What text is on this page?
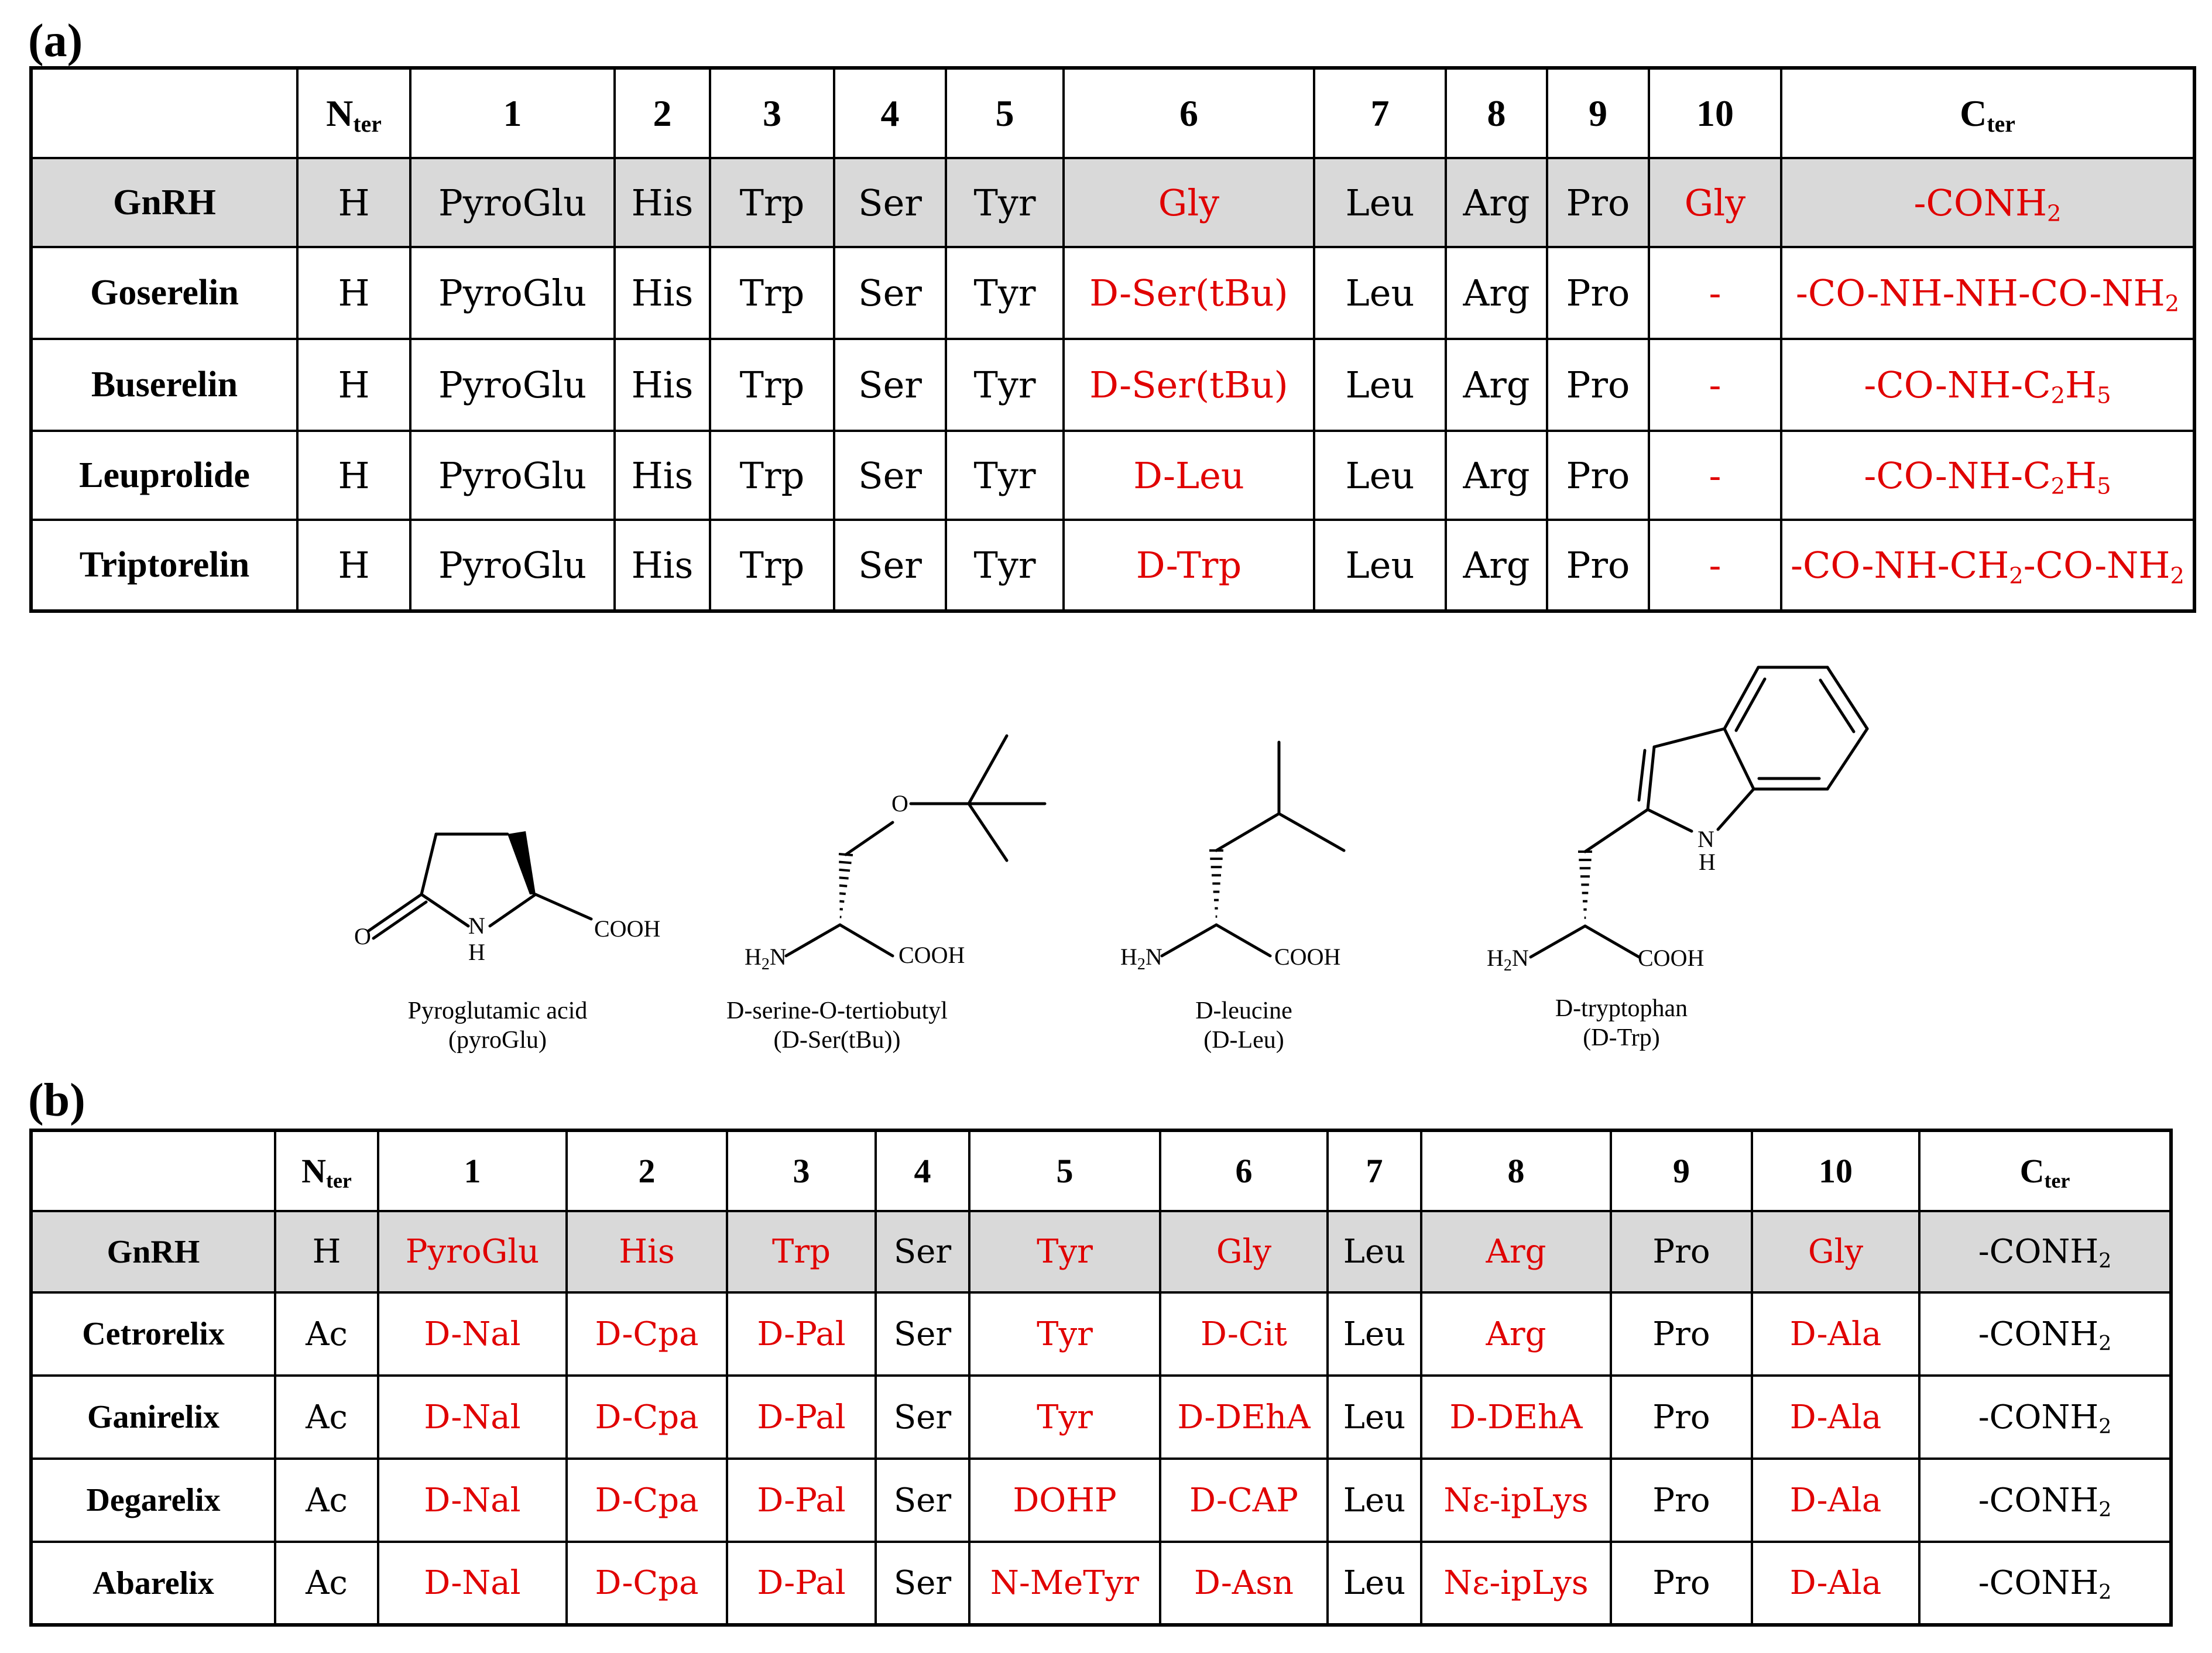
(a)
	$N_{ter}$	1	2	3	4	5	6	7	8	9	10	$C_{ter}$
GnRH	H	PyroGlu	His	Trp	Ser	Tyr	Gly	Leu	Arg	Pro	Gly	$-CONH_2$
Goserelin	H	PyroGlu	His	Trp	Ser	Tyr	D-Ser(tBu)	Leu	Arg	Pro	-	$-CO-NH-NH-CO-NH_2$
Buserelin	H	PyroGlu	His	Trp	Ser	Tyr	D-Ser(tBu)	Leu	Arg	Pro	-	$-CO-NH-C_2H_5$
Leuprolide	H	PyroGlu	His	Trp	Ser	Tyr	D-Leu	Leu	Arg	Pro	-	$-CO-NH-C_2H_5$
Triptorelin	H	PyroGlu	His	Trp	Ser	Tyr	D-Trp	Leu	Arg	Pro	-	$-CO-NH-CH_2-CO-NH_2$
O	N
H
COOH
O
$H_2N$	COOH	$H_2N$	COOH
N
H
$H_2N$	COOH
Pyroglutamic acid
(pyroGlu)
D-serine-O-tertiobutyl
(D-Ser(tBu))
D-leucine
(D-Leu)
D-tryptophan
(D-Trp)
(b)
	$N_{ter}$	1	2	3	4	5	6	7	8	9	10	$C_{ter}$
GnRH	H	PyroGlu	His	Trp	Ser	Tyr	Gly	Leu	Arg	Pro	Gly	$-CONH_2$
Cetrorelix	Ac	D-Nal	D-Cpa	D-Pal	Ser	Tyr	D-Cit	Leu	Arg	Pro	D-Ala	$-CONH_2$
Ganirelix	Ac	D-Nal	D-Cpa	D-Pal	Ser	Tyr	D-DEhA	Leu	D-DEhA	Pro	D-Ala	$-CONH_2$
Degarelix	Ac	D-Nal	D-Cpa	D-Pal	Ser	DOHP	D-CAP	Leu	Nε-ipLys	Pro	D-Ala	$-CONH_2$
Abarelix	Ac	D-Nal	D-Cpa	D-Pal	Ser	N-MeTyr	D-Asn	Leu	Nε-ipLys	Pro	D-Ala	$-CONH_2$
